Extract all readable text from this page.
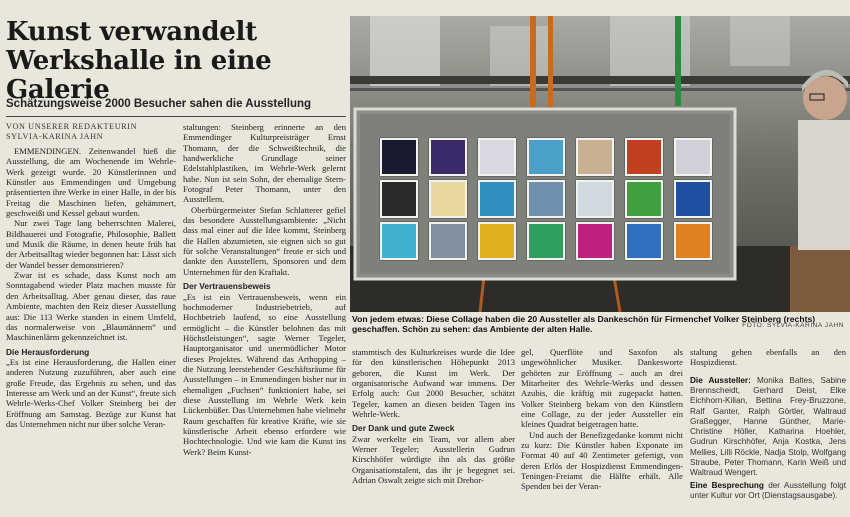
Kunst verwandelt
Werkshalle in eine Galerie
Schätzungsweise 2000 Besucher sahen die Ausstellung
VON UNSERER REDAKTEURIN
SYLVIA-KARINA JAHN

EMMENDINGEN. Zeitenwandel hieß die Ausstellung, die am Wochenende im Wehrle-Werk gezeigt wurde. 20 Künstlerinnen und Künstler aus Emmendingen und Umgebung präsentierten ihre Werke in einer Halle, in der bis Freitag die Maschinen liefen, gehämmert, geschweißt und Kessel gebaut wurden.

Nur zwei Tage lang beherrschten Malerei, Bildhauerei und Fotografie, Philosophie, Ballett und Musik die Räume, in denen heute früh hat der Arbeitsalltag wieder begonnen hat: Lässt sich der Wandel besser demonstrieren?

Zwar ist es schade, dass Kunst noch am Sonntagabend wieder Platz machen musste für den Arbeitsalltag. Aber genau dieser, das raue Ambiente, machten den Reiz dieser Ausstellung aus: Die 113 Werke standen in einem Umfeld, das normalerweise von „Blaumännern“ und Maschinenlärm gekennzeichnet ist.

Die Herausforderung

„Es ist eine Herausforderung, die Hallen einer anderen Nutzung zuzuführen, aber auch eine große Freude, das Ergebnis zu sehen, und das Interesse am Werk und an der Kunst“, freute sich Wehrle-Werks-Chef Volker Steinberg bei der Eröffnung am Samstag. Bezüge zur Kunst hat das Unternehmen nicht nur über solche Veran-

staltungen: Steinberg erinnerte an den Emmendinger Kulturpreisträger Ernst Thomann, der die Schweißtechnik, die handwerkliche Grundlage seiner Edelstahlplastiken, im Wehrle-Werk gelernt habe. Nun ist sein Sohn, der ehemalige Stern-Fotograf Peter Thomann, unter den Ausstellern.

Oberbürgermeister Stefan Schlatterer gefiel das besondere Ausstellungsambiente: „Nicht dass mal einer auf die Idee kommt, Steinberg die Hallen abzumieten, sie eignen sich so gut für solche Veranstaltungen“ freute er sich und dankte den Ausstellern, Sponsoren und dem Unternehmen für den Kraftakt.

Der Vertrauensbeweis

„Es ist ein Vertrauensbeweis, wenn ein hochmoderner Industriebetrieb, auf Hochbetrieb laufend, so eine Ausstellung ermöglicht – die Künstler belohnen das mit Höchstleistungen“, sagte Werner Tegeler, Hauptorganisator und unermüdlicher Motor dieses Projektes. Während das Arthopping – die Nutzung leerstehender Geschäftsräume für Ausstellungen – in Emmendingen bisher nur in ehemaligen „Fuchsen“ funktioniert habe, sei diese Ausstellung im Wehrle Werk kein Lückenbüßer. Das Unternehmen habe vielmehr Raum geschaffen für kreative Kräfte, wie sie künstlerische Arbeit ebenso erfordere wie Hochtechnologie. Und wie kam die Kunst ins Werk? Beim Kunst-

Von jedem etwas: Diese Collage haben die 20 Aussteller als Dankeschön für Firmenchef Volker Steinberg (rechts) geschaffen. Schön zu sehen: das Ambiente der alten Halle.	FOTO: SYLVIA-KARINA JAHN

stammtisch des Kulturkreises wurde die Idee für den künstlerischen Höhepunkt 2013 geboren, die Kunst im Werk. Der organisatorische Aufwand war immens. Der Erfolg auch: Gut 2000 Besucher, schätzt Tegeler, kamen an diesen beiden Tagen ins Wehrle-Werk.

Der Dank und gute Zweck

Zwar werkelte ein Team, vor allem aber Werner Tegeler; Ausstellerin Gudrun Kirschhöfer würdigte ihn als das größte Organisationstalent, das ihr je begegnet sei. Adrian Oswalt zeigte sich mit Drehor-

gel, Querflöte und Saxofon als ungewöhnlicher Musiker. Dankesworte gehörten zur Eröffnung – auch an drei Mitarbeiter des Wehrle-Werks und dessen Azubis, die kräftig mit zugepackt hatten. Volker Steinberg bekam von den Künstlern eine Collage, zu der jeder Aussteller ein kleines Quadrat beigetragen hatte.

Und auch der Benefizgedanke kommt nicht zu kurz: Die Künstler haben Exponate im Format 40 auf 40 Zentimeter gefertigt, von deren Erlös der Hospizdienst Emmendingen-Teningen-Freiamt die Hälfte erhält. Alle Spenden bei der Veran-

staltung gehen ebenfalls an den Hospizdienst.

Die Aussteller: Monika Baltes, Sabine Brennscheidt, Gerhard Deist, Elke Eichhorn-Kilian, Bettina Frey-Bruzzone, Ralf Ganter, Ralph Görtler, Waltraud Graßegger, Hanne Günther, Marie-Christine Höller, Katharina Hoehler, Gudrun Kirschhöfer, Anja Kostka, Jens Mellies, Lilli Röckle, Nadja Stolp, Wolfgang Straube, Peter Thomann, Karin Weiß und Waltraud Wengert.
Eine Besprechung der Ausstellung folgt unter Kultur vor Ort (Dienstagsausgabe).
